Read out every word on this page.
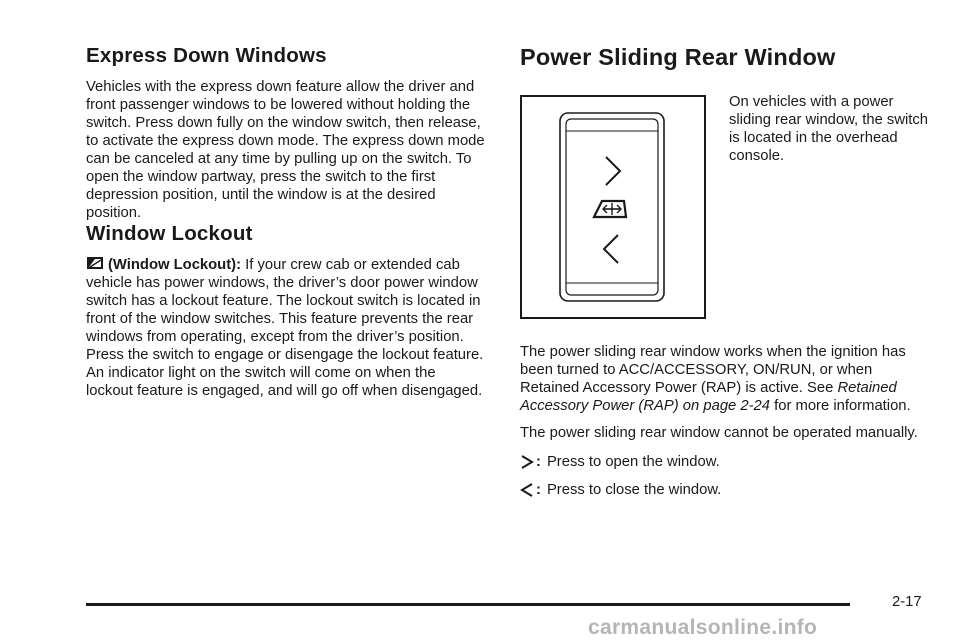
Express Down Windows

Vehicles with the express down feature allow the driver and front passenger windows to be lowered without holding the switch. Press down fully on the window switch, then release, to activate the express down mode. The express down mode can be canceled at any time by pulling up on the switch. To open the window partway, press the switch to the first depression position, until the window is at the desired position.

Window Lockout

(Window Lockout): If your crew cab or extended cab vehicle has power windows, the driver’s door power window switch has a lockout feature. The lockout switch is located in front of the window switches. This feature prevents the rear windows from operating, except from the driver’s position. Press the switch to engage or disengage the lockout feature. An indicator light on the switch will come on when the lockout feature is engaged, and will go off when disengaged.

Power Sliding Rear Window

On vehicles with a power sliding rear window, the switch is located in the overhead console.

The power sliding rear window works when the ignition has been turned to ACC/ACCESSORY, ON/RUN, or when Retained Accessory Power (RAP) is active. See Retained Accessory Power (RAP) on page 2-24 for more information.

The power sliding rear window cannot be operated manually.

: Press to open the window.
: Press to close the window.
2-17
carmanualsonline.info
